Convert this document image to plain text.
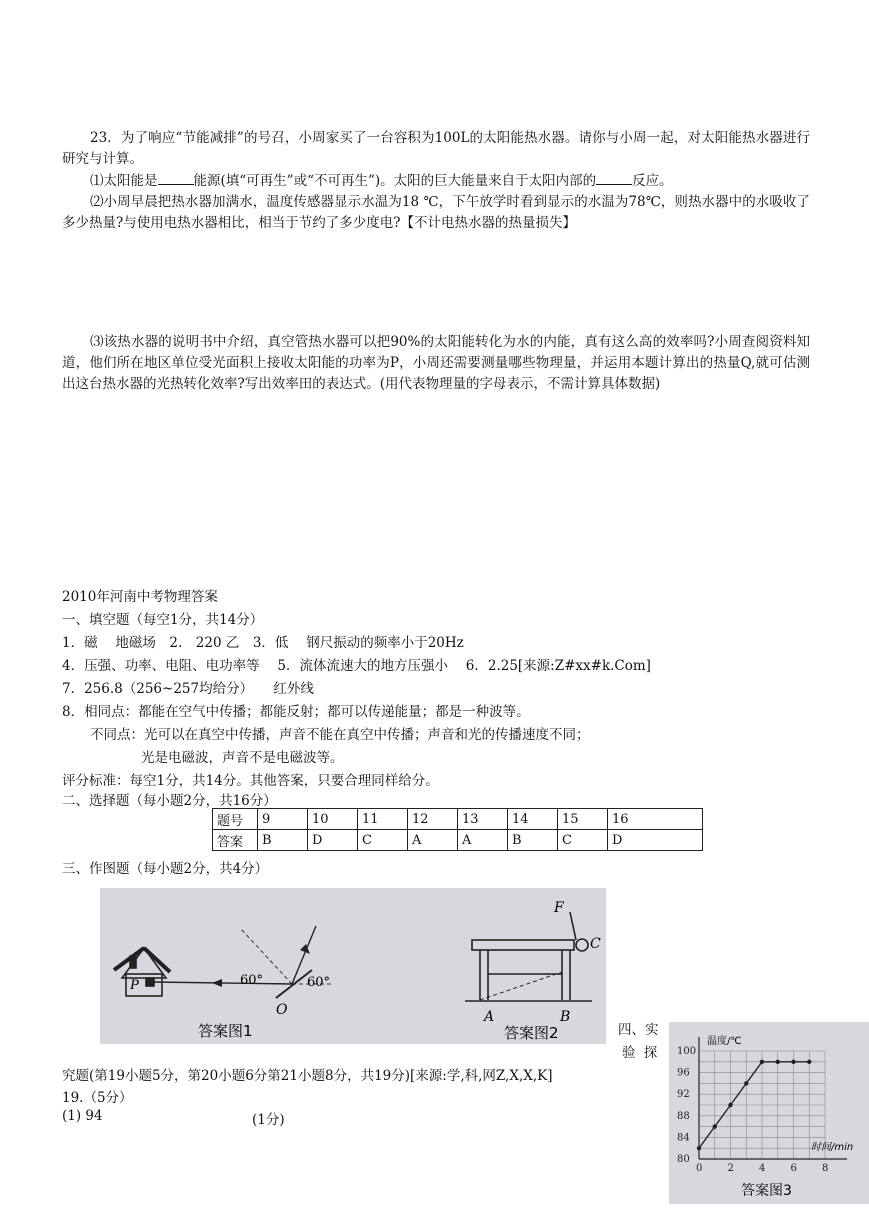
23．为了响应“节能减排”的号召，小周家买了一台容积为100L的太阳能热水器。请你与小周一起，对太阳能热水器进行研究与计算。
⑴太阳能是	能源(填“可再生”或“不可再生”)。太阳的巨大能量来自于太阳内部的	反应。
⑵小周早晨把热水器加满水，温度传感器显示水温为18 ℃，下午放学时看到显示的水温为78℃，则热水器中的水吸收了多少热量?与使用电热水器相比，相当于节约了多少度电?【不计电热水器的热量损失】
⑶该热水器的说明书中介绍，真空管热水器可以把90%的太阳能转化为水的内能，真有这么高的效率吗?小周查阅资料知道，他们所在地区单位受光面积上接收太阳能的功率为P，小周还需要测量哪些物理量，并运用本题计算出的热量Q,就可估测出这台热水器的光热转化效率?写出效率田的表达式。(用代表物理量的字母表示，不需计算具体数据)
2010年河南中考物理答案
一、填空题（每空1分，共14分）
1．磁　 地磁场　2.　220 乙　3．低　 钢尺振动的频率小于20Hz
4．压强、功率、电阻、电功率等　 5．流体流速大的地方压强小　 6．2.25[来源:Z#xx#k.Com]
7．256.8（256~257均给分）　　红外线
8．相同点：都能在空气中传播；都能反射；都可以传递能量；都是一种波等。
不同点：光可以在真空中传播，声音不能在真空中传播；声音和光的传播速度不同；
光是电磁波，声音不是电磁波等。
评分标准：每空1分，共14分。其他答案，只要合理同样给分。
二、选择题（每小题2分，共16分）
题号	9	10	11	12	13	14	15	16
答案	B	D	C	A	A	B	C	D
三、作图题（每小题2分，共4分）
P	60°	60°
O
F
C
A	B
答案图1	答案图2	四、实
验 探
究题(第19小题5分，第20小题6分第21小题8分，共19分)[来源:学,科,网Z,X,X,K]
19.（5分）
(1) 94	(1分)
0	2	4	6	8
80
84
88
92
96
100
温度/℃
时间/min
答案图3
